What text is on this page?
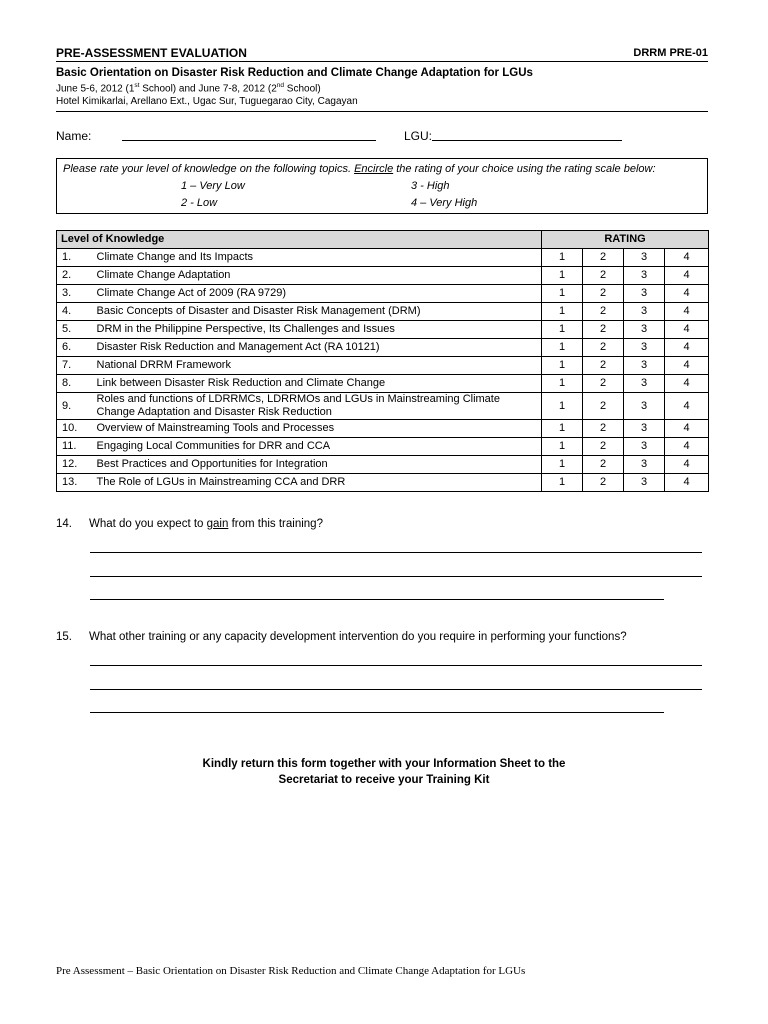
PRE-ASSESSMENT EVALUATION	DRRM PRE-01
Basic Orientation on Disaster Risk Reduction and Climate Change Adaptation for LGUs
June 5-6, 2012 (1st School) and June 7-8, 2012 (2nd School)
Hotel Kimikarlai, Arellano Ext., Ugac Sur, Tuguegarao City, Cagayan
Name:	LGU:
Please rate your level of knowledge on the following topics. Encircle the rating of your choice using the rating scale below:
1 – Very Low
2 - Low
3 - High
4 – Very High
Level of Knowledge		RATING			
1.	Climate Change and Its Impacts	1	2	3	4
2.	Climate Change Adaptation	1	2	3	4
3.	Climate Change Act of 2009 (RA 9729)	1	2	3	4
4.	Basic Concepts of Disaster and Disaster Risk Management (DRM)	1	2	3	4
5.	DRM in the Philippine Perspective, Its Challenges and Issues	1	2	3	4
6.	Disaster Risk Reduction and Management Act (RA 10121)	1	2	3	4
7.	National DRRM Framework	1	2	3	4
8.	Link between Disaster Risk Reduction and Climate Change	1	2	3	4
9.	Roles and functions of LDRRMCs, LDRRMOs and LGUs in Mainstreaming Climate Change Adaptation and Disaster Risk Reduction	1	2	3	4
10.	Overview of Mainstreaming Tools and Processes	1	2	3	4
11.	Engaging Local Communities for DRR and CCA	1	2	3	4
12.	Best Practices and Opportunities for Integration	1	2	3	4
13.	The Role of LGUs in Mainstreaming CCA and DRR	1	2	3	4
14. What do you expect to gain from this training?
15. What other training or any capacity development intervention do you require in performing your functions?
Kindly return this form together with your Information Sheet to the
Secretariat to receive your Training Kit
Pre Assessment – Basic Orientation on Disaster Risk Reduction and Climate Change Adaptation for LGUs
